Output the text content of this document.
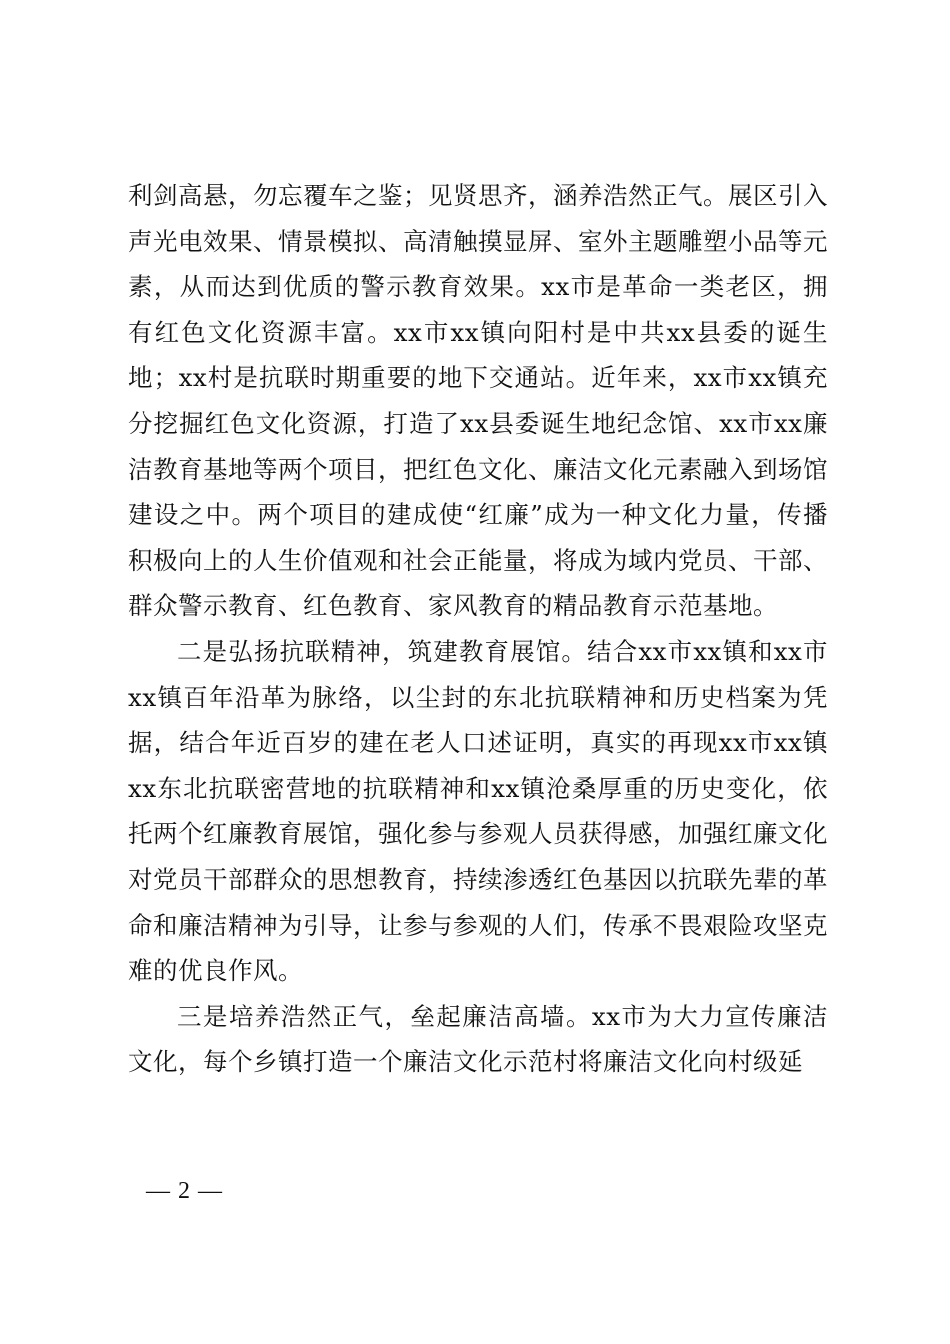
利剑高悬，勿忘覆车之鉴；见贤思齐，涵养浩然正气。展区引入声光电效果、情景模拟、高清触摸显屏、室外主题雕塑小品等元素，从而达到优质的警示教育效果。xx市是革命一类老区，拥有红色文化资源丰富。xx市xx镇向阳村是中共xx县委的诞生地；xx村是抗联时期重要的地下交通站。近年来，xx市xx镇充分挖掘红色文化资源，打造了xx县委诞生地纪念馆、xx市xx廉洁教育基地等两个项目，把红色文化、廉洁文化元素融入到场馆建设之中。两个项目的建成使“红廉”成为一种文化力量，传播积极向上的人生价值观和社会正能量，将成为域内党员、干部、群众警示教育、红色教育、家风教育的精品教育示范基地。

二是弘扬抗联精神，筑建教育展馆。结合xx市xx镇和xx市xx镇百年沿革为脉络，以尘封的东北抗联精神和历史档案为凭据，结合年近百岁的建在老人口述证明，真实的再现xx市xx镇xx东北抗联密营地的抗联精神和xx镇沧桑厚重的历史变化，依托两个红廉教育展馆，强化参与参观人员获得感，加强红廉文化对党员干部群众的思想教育，持续渗透红色基因以抗联先辈的革命和廉洁精神为引导，让参与参观的人们，传承不畏艰险攻坚克难的优良作风。

三是培养浩然正气，垒起廉洁高墙。xx市为大力宣传廉洁文化，每个乡镇打造一个廉洁文化示范村将廉洁文化向村级延

— 2 —
